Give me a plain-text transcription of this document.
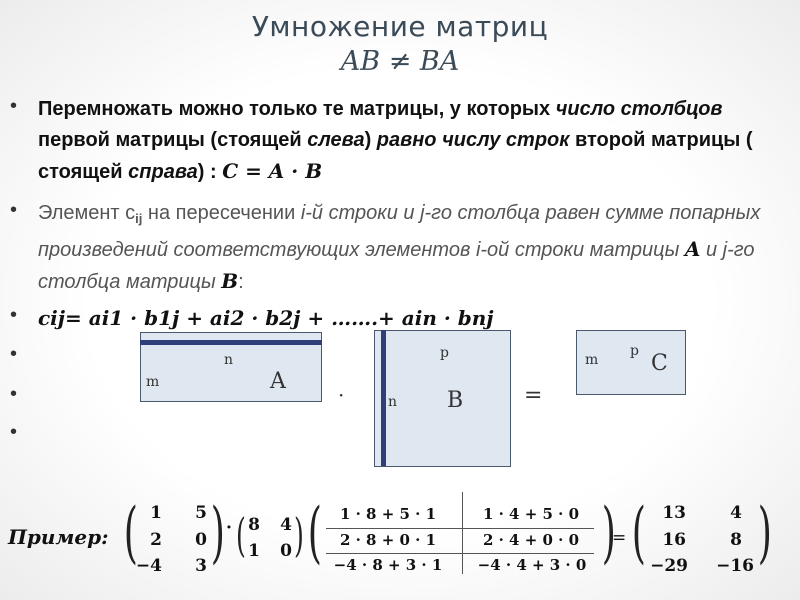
Умножение матриц
AB ≠ BA
•
•
•
•
•
•
Перемножать можно только те матрицы, у которых число столбцов первой матрицы (стоящей слева) равно числу строк второй матрицы ( стоящей справа) : C = A · B
Элемент $c_{ij}$ на пересечении i-й строки и j-го столбца равен сумме попарных произведений соответствующих элементов i-ой строки матрицы A и j-го столбца матрицы B:
cij= ai1 · b1j + ai2 · b2j + …….+ ain · bnj
n
m	A
·
p
n B	=
m
p C
Пример: ( 1	5
2	0
−4	3 ) · ( 8	4
1	0 ) (	1 · 8 + 5 · 1	1 · 4 + 5 · 0
2 · 8 + 0 · 1	2 · 4 + 0 · 0
−4 · 8 + 3 · 1	−4 · 4 + 3 · 0 )
= ( 13	4
16	8
−29	−16 )
